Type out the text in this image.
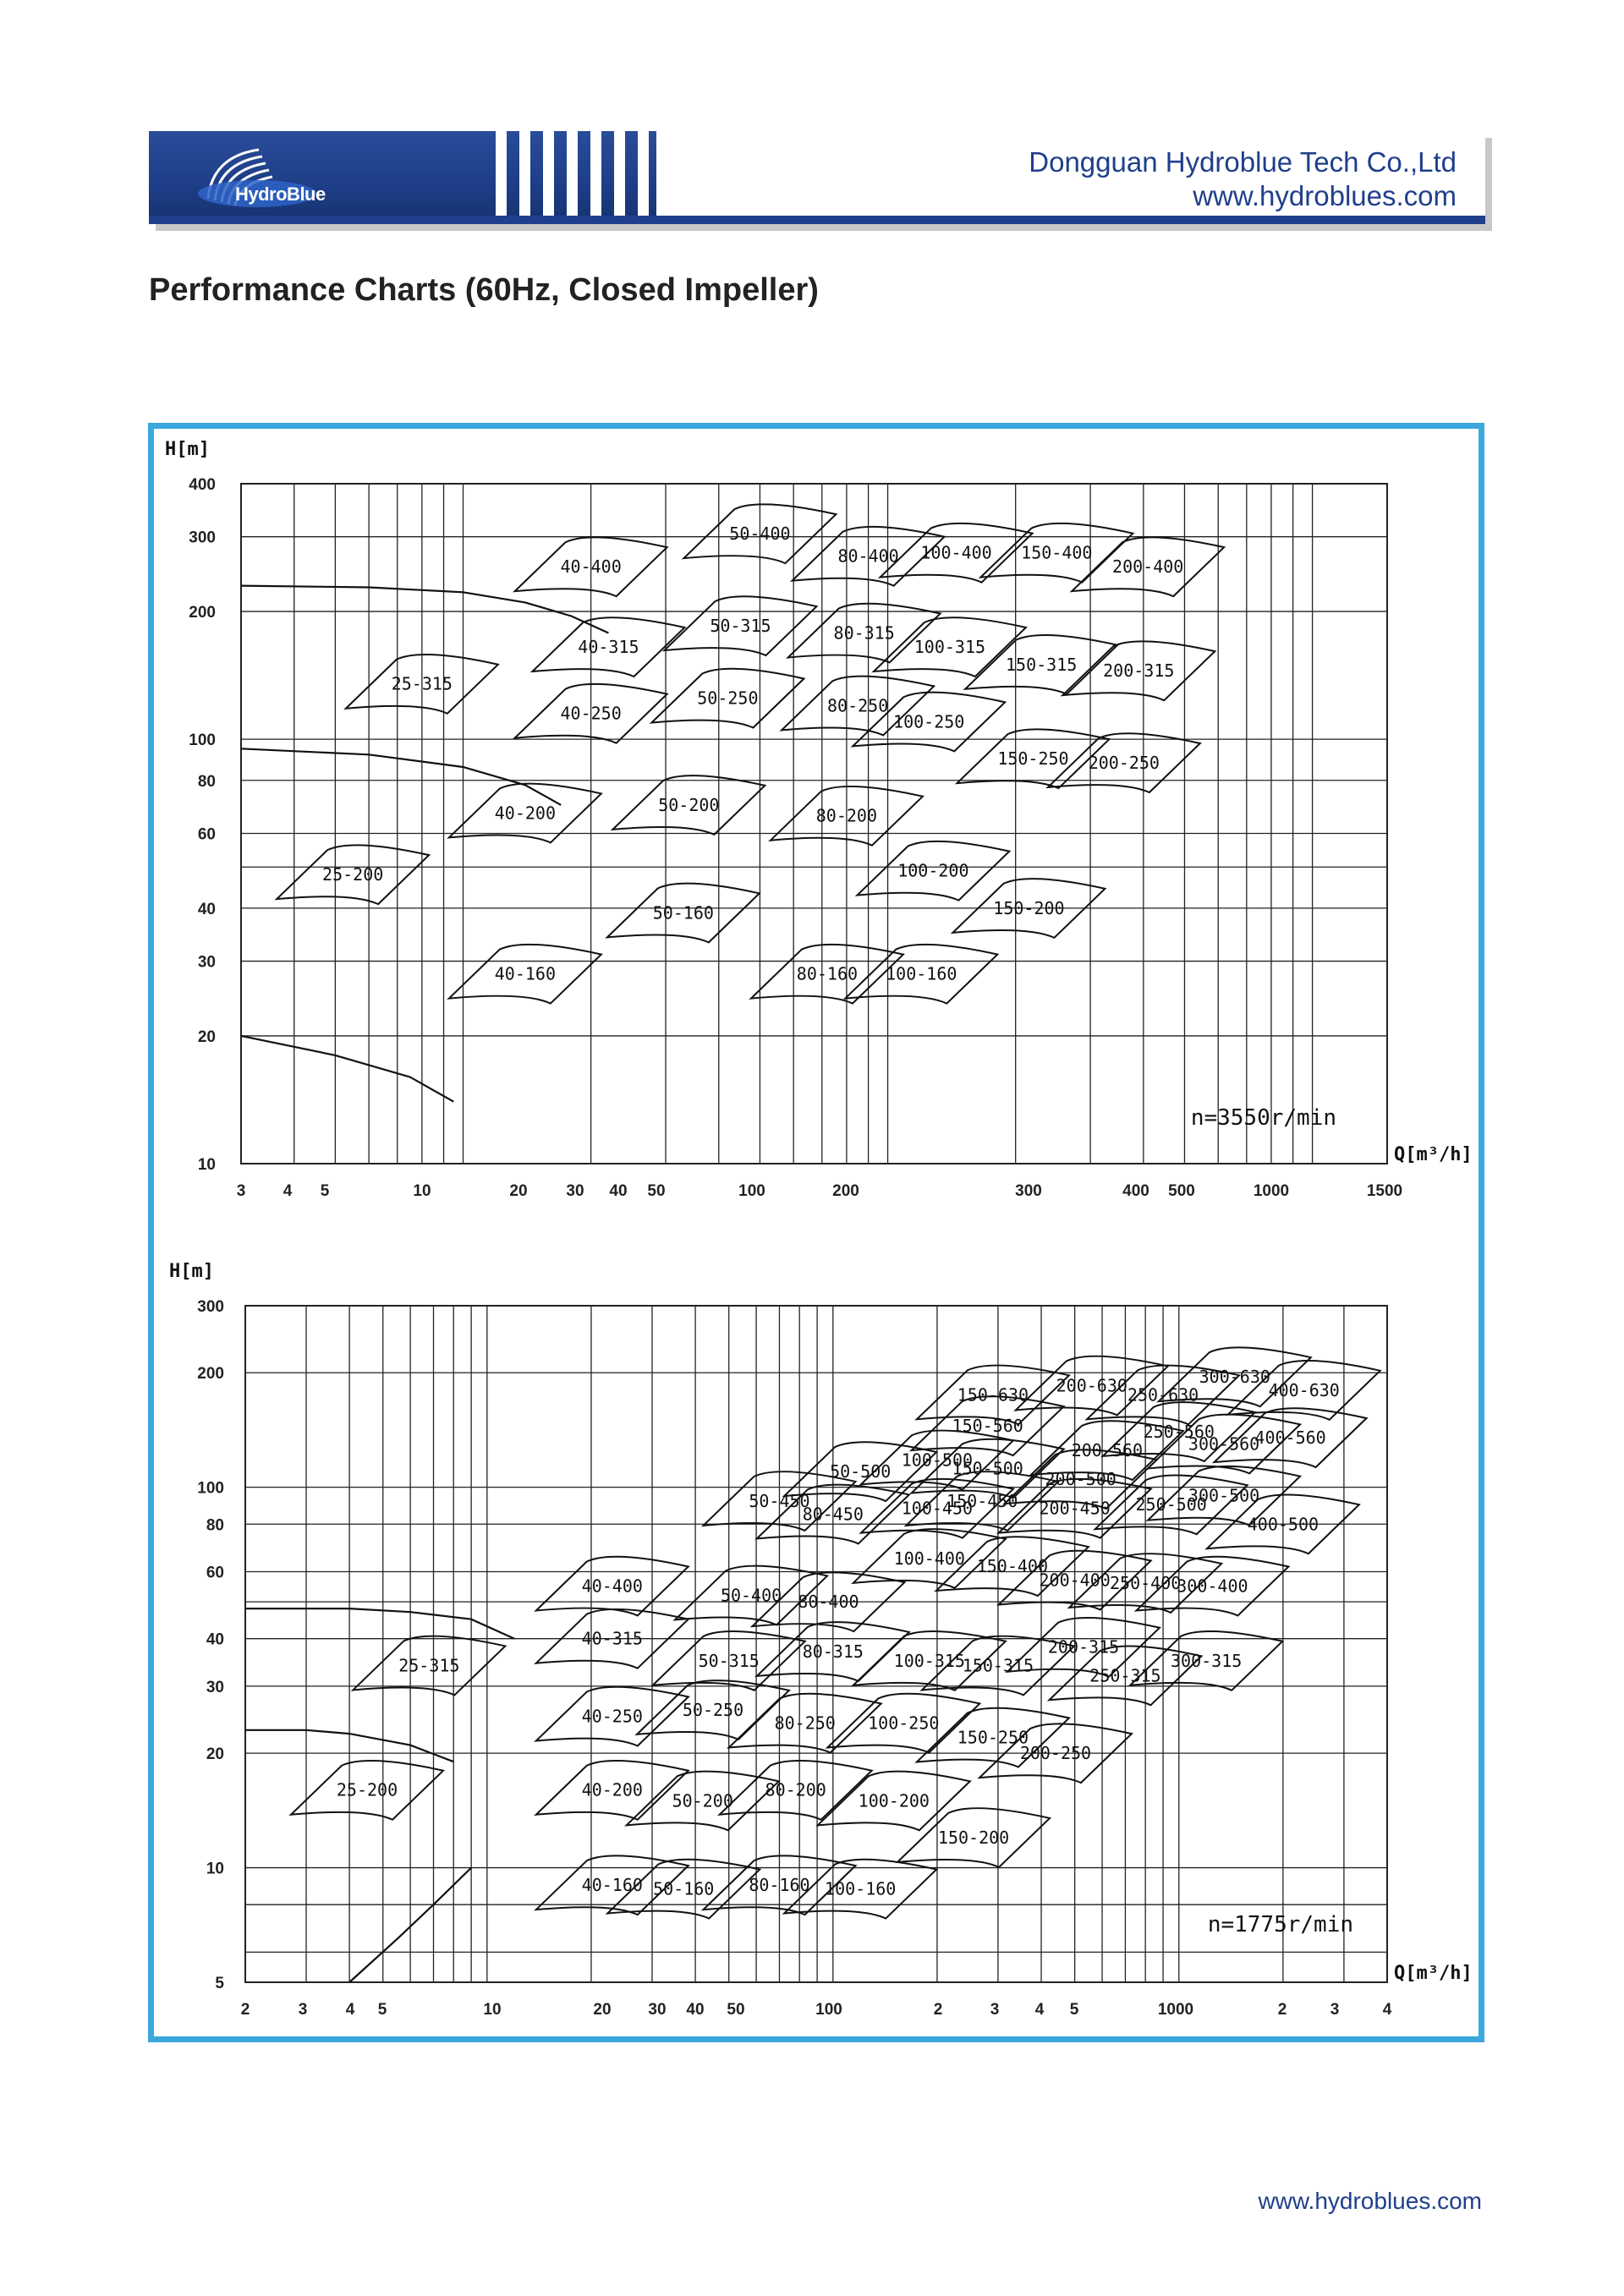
HydroBlue
Dongguan Hydroblue Tech Co.,Ltd
www.hydroblues.com
Performance Charts (60Hz, Closed Impeller)
10
20
30
40
60
80
100
200
300
400
3 4 5	10	20 30 40 50	100	200	300	400 500	1000	1500
H[m]
Q[m³/h]
n=3550r/min
40-400
50-400
80-400 100-400 150-400
200-400
40-315
50-315	80-315
100-315
150-315 200-315
25-315
40-250
50-250	80-250
100-250
150-250 200-250
40-200	50-200
80-200
25-200	100-200
150-200
50-160
40-160	80-160 100-160
5
10
20
30
40
60
80
100
200
300
2	3 4 5	10	20 30 40 50	100	2	3 4 5	1000	2	3	4
H[m]
Q[m³/h]
n=1775r/min
150-630 200-630 250-630
300-630
400-630
150-560
200-560
250-560
300-560
400-560
50-500
100-500
150-500
200-500
250-500
300-500
400-500
50-450
80-450 100-450
150-450 200-450
100-400 150-400
200-400 250-400
300-400
40-400	50-400 80-400
40-315
80-315	200-315
300-315
25-315	50-315	100-315
150-315	250-315
40-250 50-250
80-250 100-250
150-250
200-250
25-200	40-200
50-200
80-200
100-200
150-200
40-160 50-160 80-160 100-160
www.hydroblues.com
